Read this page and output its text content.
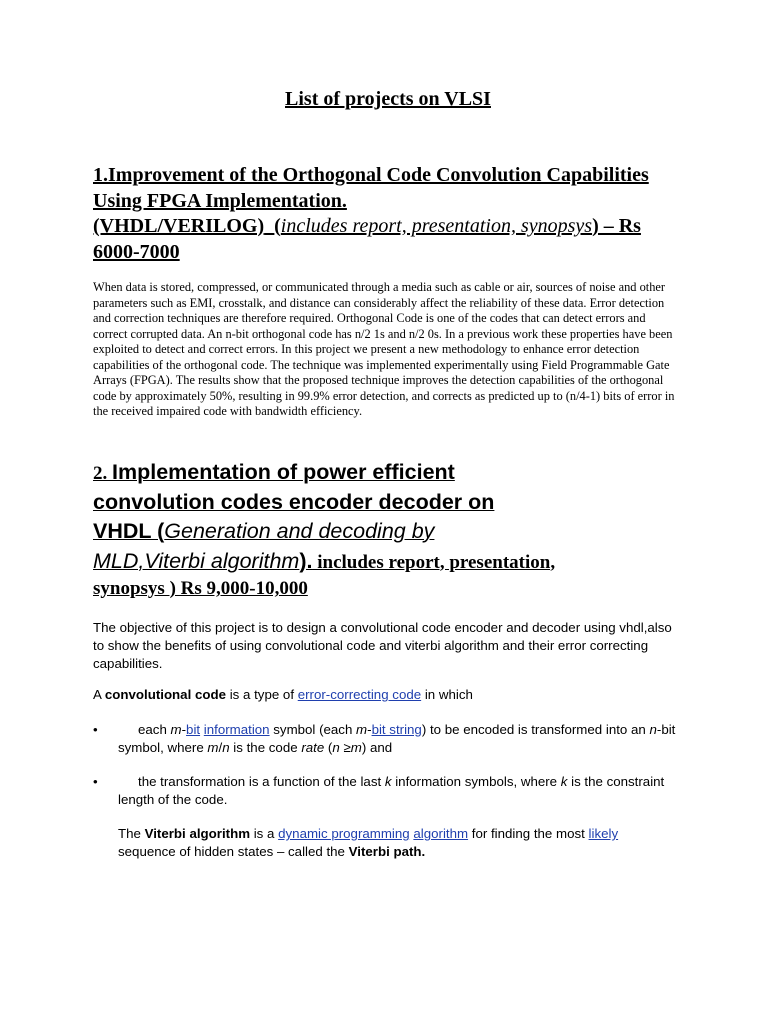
List of projects on VLSI
1.Improvement of the Orthogonal Code Convolution Capabilities Using FPGA Implementation.
(VHDL/VERILOG) (includes report, presentation, synopsys) – Rs 6000-7000

When data is stored, compressed, or communicated through a media such as cable or air, sources of noise and other parameters such as EMI, crosstalk, and distance can considerably affect the reliability of these data. Error detection and correction techniques are therefore required. Orthogonal Code is one of the codes that can detect errors and correct corrupted data. An n-bit orthogonal code has n/2 1s and n/2 0s. In a previous work these properties have been exploited to detect and correct errors. In this project we present a new methodology to enhance error detection capabilities of the orthogonal code. The technique was implemented experimentally using Field Programmable Gate Arrays (FPGA). The results show that the proposed technique improves the detection capabilities of the orthogonal code by approximately 50%, resulting in 99.9% error detection, and corrects as predicted up to (n/4-1) bits of error in the received impaired code with bandwidth efficiency.

2. Implementation of power efficient
convolution codes encoder decoder on
VHDL (Generation and decoding by
MLD,Viterbi algorithm). includes report, presentation,
synopsys ) Rs 9,000-10,000

The objective of this project is to design a convolutional code encoder and decoder using vhdl,also to show the benefits of using convolutional code and viterbi algorithm and their error correcting capabilities.

A convolutional code is a type of error-correcting code in which

•	each m-bit information symbol (each m-bit string) to be encoded is transformed into an n-bit symbol, where m/n is the code rate (n ≥m) and
•	the transformation is a function of the last k information symbols, where k is the constraint length of the code.

The Viterbi algorithm is a dynamic programming algorithm for finding the most likely sequence of hidden states – called the Viterbi path.
